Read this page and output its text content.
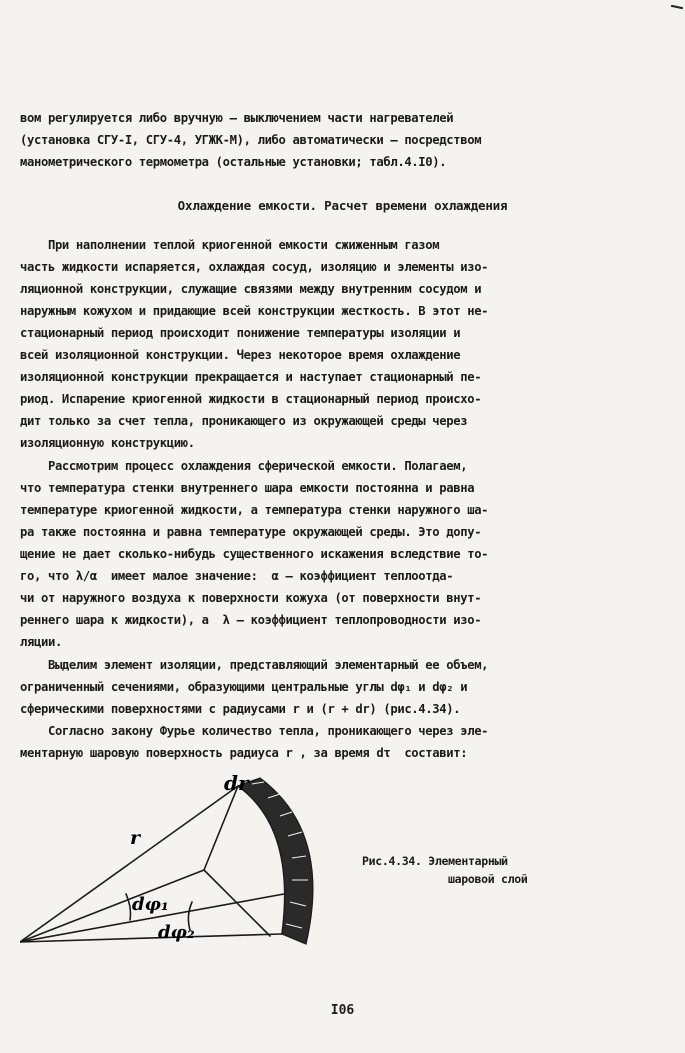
вом регулируется либо вручную – выключением части нагревателей
(установка СГУ-I, СГУ-4, УГЖК-М), либо автоматически – посредством
манометрического термометра (остальные установки; табл.4.I0).
Охлаждение емкости. Расчет времени охлаждения
При наполнении теплой криогенной емкости сжиженным газом
часть жидкости испаряется, охлаждая сосуд, изоляцию и элементы изо-
ляционной конструкции, служащие связями между внутренним сосудом и
наружным кожухом и придающие всей конструкции жесткость. В этот не-
стационарный период происходит понижение температуры изоляции и
всей изоляционной конструкции. Через некоторое время охлаждение
изоляционной конструкции прекращается и наступает стационарный пе-
риод. Испарение криогенной жидкости в стационарный период происхо-
дит только за счет тепла, проникающего из окружающей среды через
изоляционную конструкцию.
Рассмотрим процесс охлаждения сферической емкости. Полагаем,
что температура стенки внутреннего шара емкости постоянна и равна
температуре криогенной жидкости, а температура стенки наружного ша-
ра также постоянна и равна температуре окружающей среды. Это допу-
щение не дает сколько-нибудь существенного искажения вследствие то-
го, что λ/α  имеет малое значение:  α – коэффициент теплоотда-
чи от наружного воздуха к поверхности кожуха (от поверхности внут-
реннего шара к жидкости), а  λ – коэффициент теплопроводности изо-
ляции.
Выделим элемент изоляции, представляющий элементарный ее объем,
ограниченный сечениями, образующими центральные углы dφ₁ и dφ₂ и
сферическими поверхностями с радиусами r и (r + dr) (рис.4.34).
Согласно закону Фурье количество тепла, проникающего через эле-
ментарную шаровую поверхность радиуса r , за время dτ  составит:
dr
r
dφ₁
dφ₂
Рис.4.34. Элементарный
шаровой слой
I06
